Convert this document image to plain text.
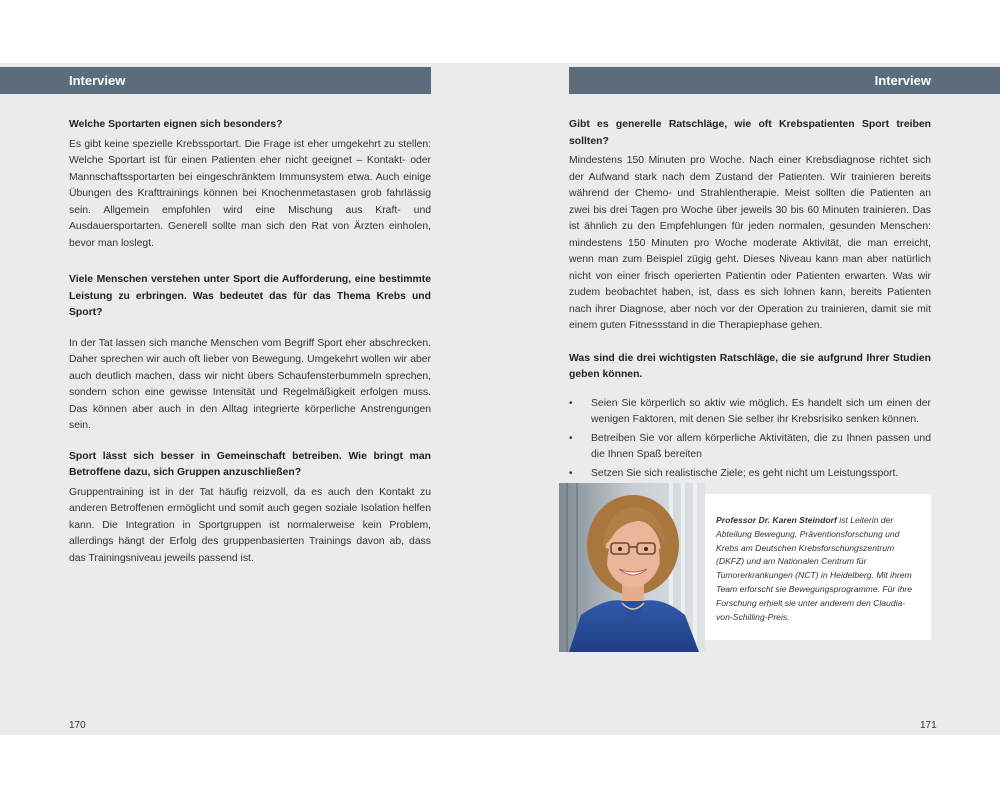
Interview

Welche Sportarten eignen sich besonders?

Es gibt keine spezielle Krebssportart. Die Frage ist eher umgekehrt zu stellen: Welche Sportart ist für einen Patienten eher nicht geeignet – Kontakt- oder Mannschaftssportarten bei eingeschränktem Immunsystem etwa. Auch einige Übungen des Krafttrainings können bei Knochenmetastasen grob fahrlässig sein. Allgemein empfohlen wird eine Mischung aus Kraft- und Ausdauersportarten. Generell sollte man sich den Rat von Ärzten einholen, bevor man loslegt.

Viele Menschen verstehen unter Sport die Aufforderung, eine bestimmte Leistung zu erbringen. Was bedeutet das für das Thema Krebs und Sport?

In der Tat lassen sich manche Menschen vom Begriff Sport eher abschrecken. Daher sprechen wir auch oft lieber von Bewegung. Umgekehrt wollen wir aber auch deutlich machen, dass wir nicht übers Schaufensterbummeln sprechen, sondern schon eine gewisse Intensität und Regelmäßigkeit erfolgen muss. Das können aber auch in den Alltag integrierte körperliche Anstrengungen sein.

Sport lässt sich besser in Gemeinschaft betreiben. Wie bringt man Betroffene dazu, sich Gruppen anzuschließen?

Gruppentraining ist in der Tat häufig reizvoll, da es auch den Kontakt zu anderen Betroffenen ermöglicht und somit auch gegen soziale Isolation helfen kann. Die Integration in Sportgruppen ist normalerweise kein Problem, allerdings hängt der Erfolg des gruppenbasierten Trainings davon ab, dass das Trainingsniveau jeweils passend ist.

170
Interview

Gibt es generelle Ratschläge, wie oft Krebspatienten Sport treiben sollten?

Mindestens 150 Minuten pro Woche. Nach einer Krebsdiagnose richtet sich der Aufwand stark nach dem Zustand der Patienten. Wir trainieren bereits während der Chemo- und Strahlentherapie. Meist sollten die Patienten an zwei bis drei Tagen pro Woche über jeweils 30 bis 60 Minuten trainieren. Das ist ähnlich zu den Empfehlungen für jeden normalen, gesunden Menschen: mindestens 150 Minuten pro Woche moderate Aktivität, die man erreicht, wenn man zum Beispiel zügig geht. Dieses Niveau kann man aber natürlich nicht von einer frisch operierten Patientin oder Patienten erwarten. Was wir zudem beobachtet haben, ist, dass es sich lohnen kann, bereits Patienten nach ihrer Diagnose, aber noch vor der Operation zu trainieren, damit sie mit einem guten Fitnessstand in die Therapiephase gehen.

Was sind die drei wichtigsten Ratschläge, die sie aufgrund Ihrer Studien geben können.

• Seien Sie körperlich so aktiv wie möglich. Es handelt sich um einen der wenigen Faktoren, mit denen Sie selber ihr Krebsrisiko senken können.
• Betreiben Sie vor allem körperliche Aktivitäten, die zu Ihnen passen und die Ihnen Spaß bereiten
• Setzen Sie sich realistische Ziele; es geht nicht um Leistungssport.

Professor Dr. Karen Steindorf ist Leiterin der Abteilung Bewegung, Präventionsforschung und Krebs am Deutschen Krebsforschungszentrum (DKFZ) und am Nationalen Centrum für Tumorerkrankungen (NCT) in Heidelberg. Mit ihrem Team erforscht sie Bewegungsprogramme. Für ihre Forschung erhielt sie unter anderem den Claudia-von-Schilling-Preis.

171
